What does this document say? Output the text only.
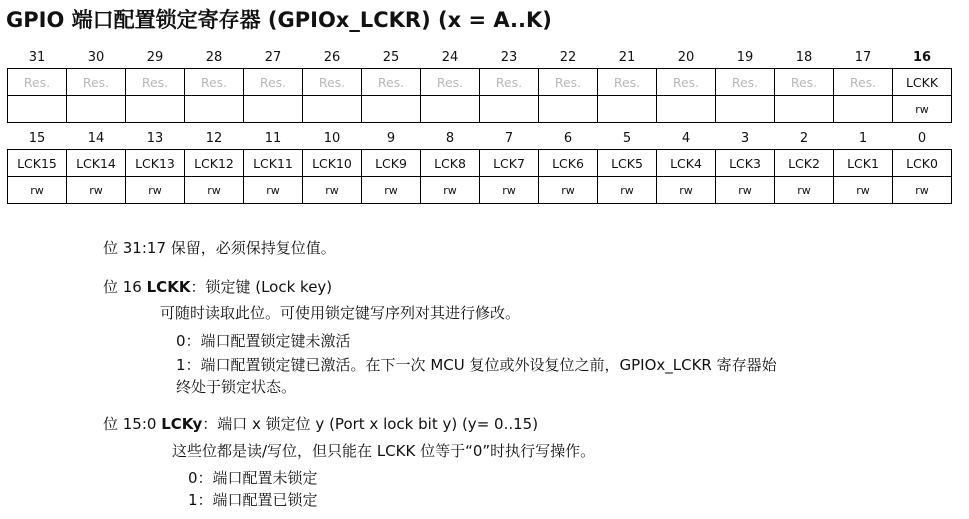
GPIO 端口配置锁定寄存器 (GPIOx_LCKR) (x = A..K)
31	30	29	28	27	26	25	24	23	22	21	20	19	18	17	16
Res.	Res.	Res.	Res.	Res.	Res.	Res.	Res.	Res.	Res.	Res.	Res.	Res.	Res.	Res.	LCKK
															rw
15	14	13	12	11	10	9	8	7	6	5	4	3	2	1	0
LCK15	LCK14	LCK13	LCK12	LCK11	LCK10	LCK9	LCK8	LCK7	LCK6	LCK5	LCK4	LCK3	LCK2	LCK1	LCK0
rw	rw	rw	rw	rw	rw	rw	rw	rw	rw	rw	rw	rw	rw	rw	rw
位 31:17 保留，必须保持复位值。
位 16 LCKK：锁定键 (Lock key)
可随时读取此位。可使用锁定键写序列对其进行修改。
0：端口配置锁定键未激活
1：端口配置锁定键已激活。在下一次 MCU 复位或外设复位之前，GPIOx_LCKR 寄存器始
终处于锁定状态。
位 15:0 LCKy：端口 x 锁定位 y (Port x lock bit y) (y= 0..15)
这些位都是读/写位，但只能在 LCKK 位等于“0”时执行写操作。
0：端口配置未锁定
1：端口配置已锁定
